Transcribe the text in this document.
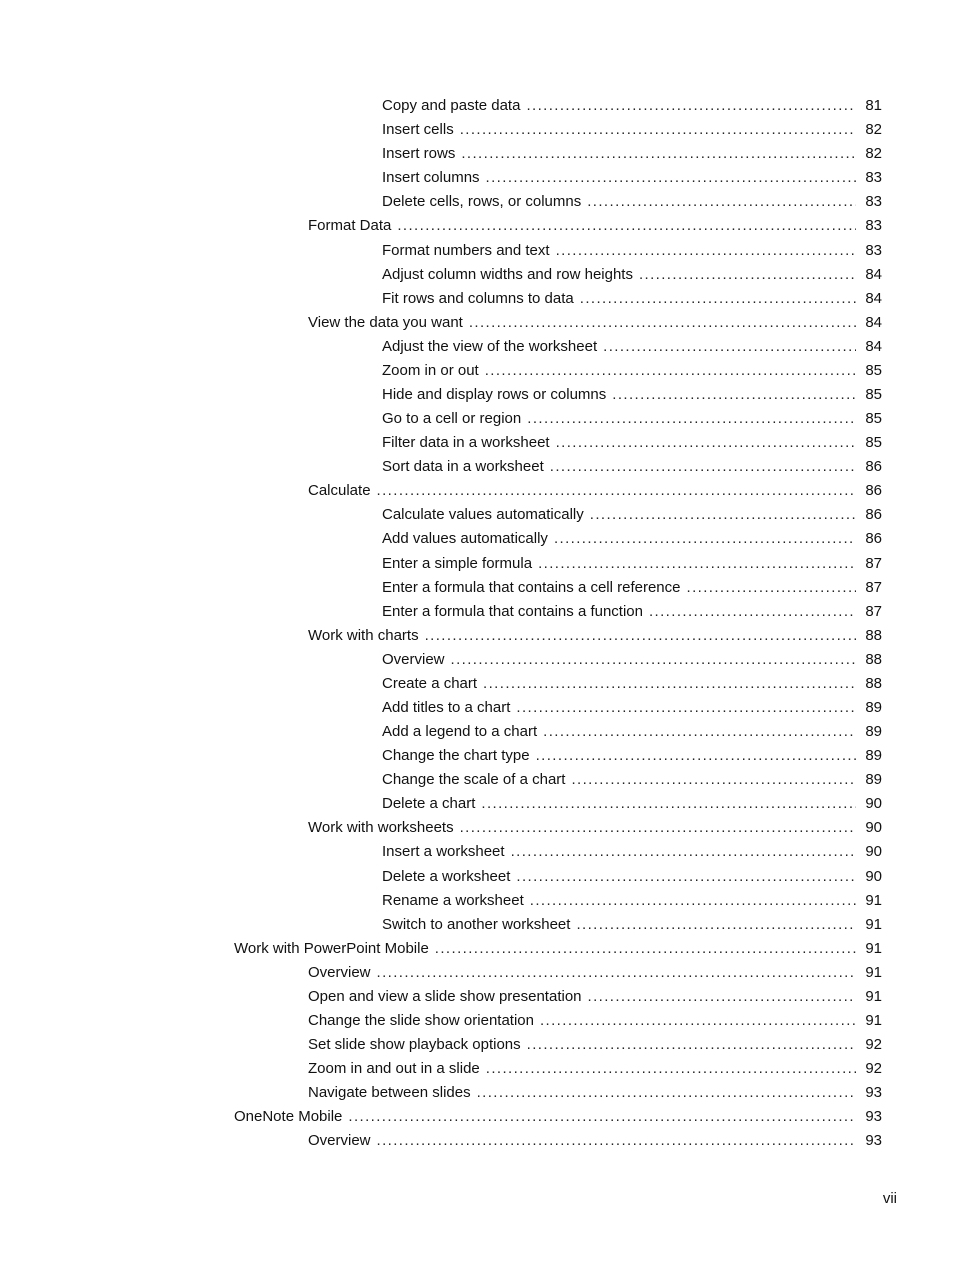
Copy and paste data .....	81
Insert cells .....	82
Insert rows .....	82
Insert columns .....	83
Delete cells, rows, or columns .....	83
Format Data .....	83
Format numbers and text .....	83
Adjust column widths and row heights .....	84
Fit rows and columns to data .....	84
View the data you want .....	84
Adjust the view of the worksheet .....	84
Zoom in or out .....	85
Hide and display rows or columns .....	85
Go to a cell or region .....	85
Filter data in a worksheet .....	85
Sort data in a worksheet .....	86
Calculate .....	86
Calculate values automatically .....	86
Add values automatically .....	86
Enter a simple formula .....	87
Enter a formula that contains a cell reference .....	87
Enter a formula that contains a function .....	87
Work with charts .....	88
Overview .....	88
Create a chart .....	88
Add titles to a chart .....	89
Add a legend to a chart .....	89
Change the chart type .....	89
Change the scale of a chart .....	89
Delete a chart .....	90
Work with worksheets .....	90
Insert a worksheet .....	90
Delete a worksheet .....	90
Rename a worksheet .....	91
Switch to another worksheet .....	91
Work with PowerPoint Mobile .....	91
Overview .....	91
Open and view a slide show presentation .....	91
Change the slide show orientation .....	91
Set slide show playback options .....	92
Zoom in and out in a slide .....	92
Navigate between slides .....	93
OneNote Mobile .....	93
Overview .....	93
vii
